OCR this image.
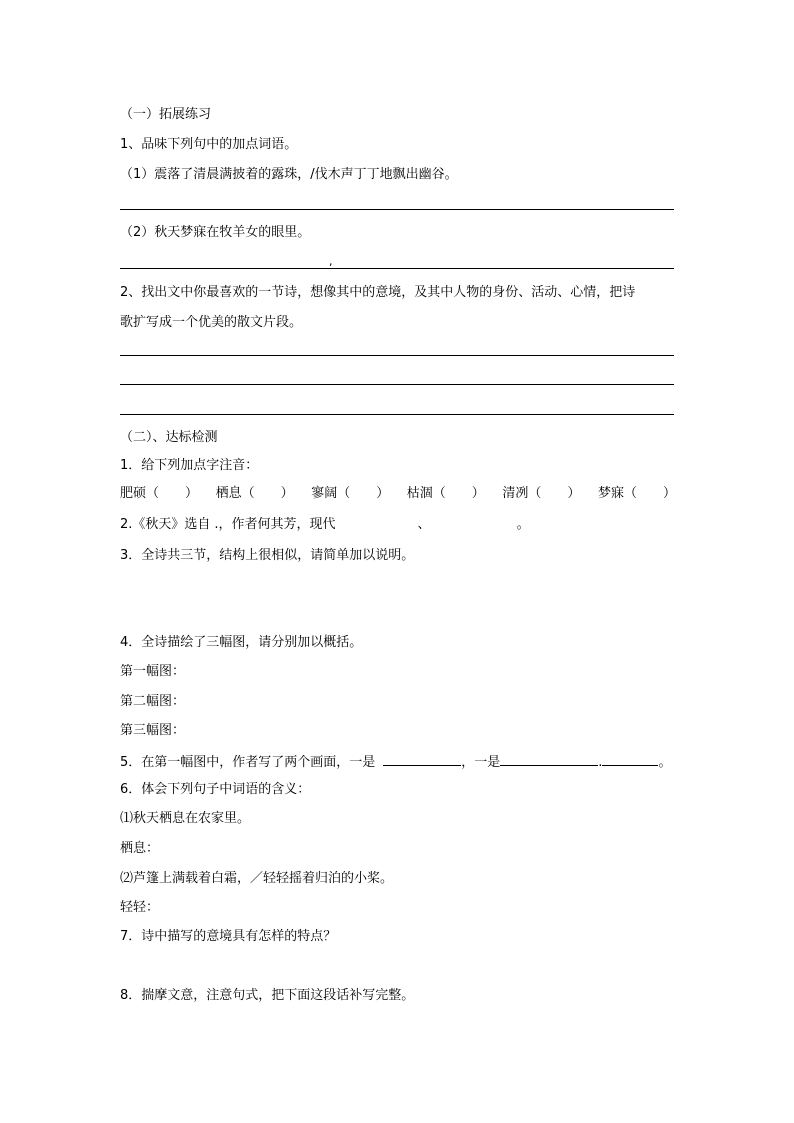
（一）拓展练习
1、品味下列句中的加点词语。
（1）震落了清晨满披着的露珠，/伐木声丁丁地飘出幽谷。
（2）秋天梦寐在牧羊女的眼里。
,
2、找出文中你最喜欢的一节诗，想像其中的意境，及其中人物的身份、活动、心情，把诗
歌扩写成一个优美的散文片段。
（二）、达标检测
1．给下列加点字注音：
肥硕（　　） 栖息（　　） 寥阔（　　） 枯涸（　　） 清冽（　　） 梦寐（　　）
2.《秋天》选自 .，作者何其芳，现代	、	。
3．全诗共三节，结构上很相似，请简单加以说明。
4．全诗描绘了三幅图，请分别加以概括。
第一幅图：
第二幅图：
第三幅图：
5．在第一幅图中，作者写了两个画面，一是	，一是	.	。
6．体会下列句子中词语的含义：
⑴秋天栖息在农家里。
栖息：
⑵芦篷上满载着白霜，／轻轻摇着归泊的小桨。
轻轻：
7．诗中描写的意境具有怎样的特点？
8．揣摩文意，注意句式，把下面这段话补写完整。
